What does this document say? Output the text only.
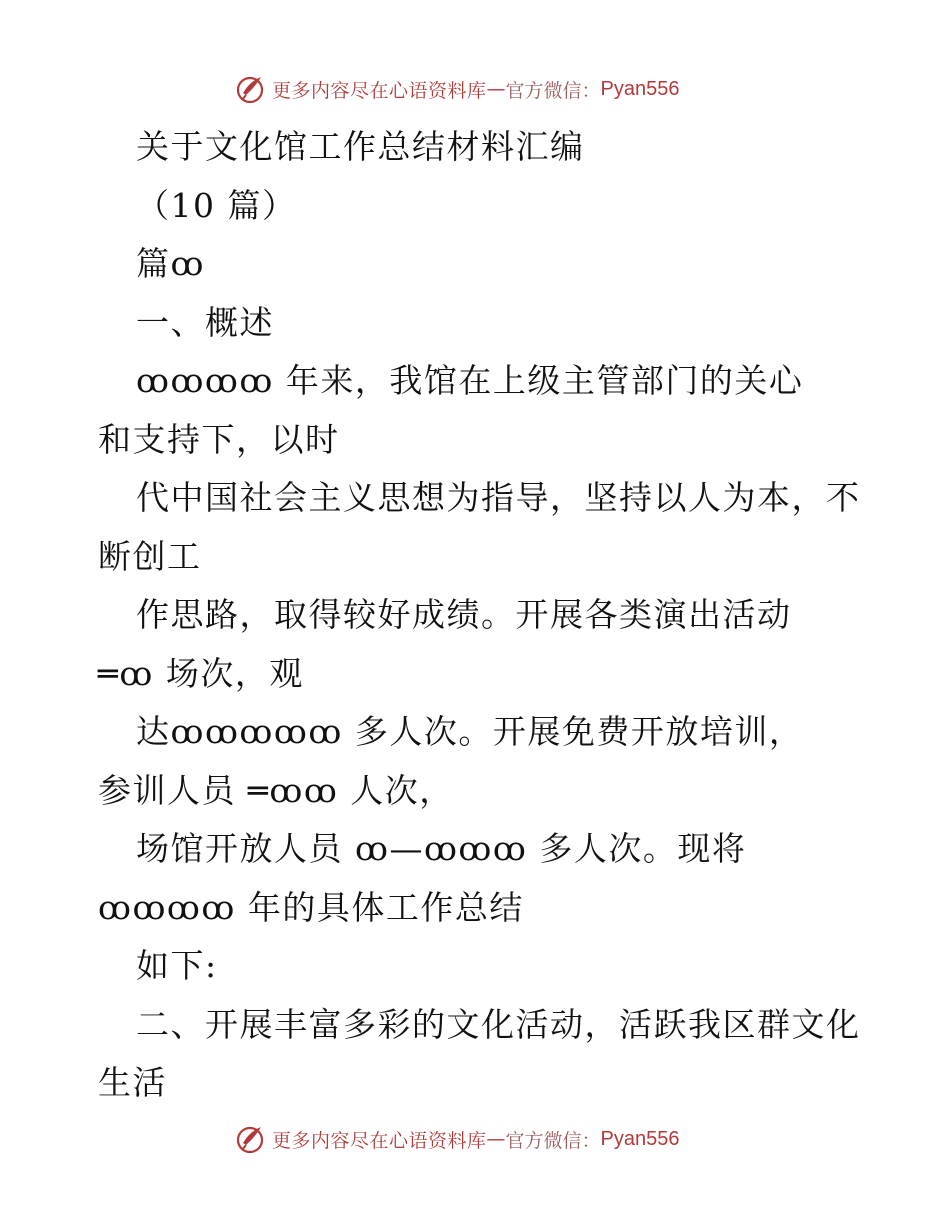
更多内容尽在心语资料库 — 官方微信： Pyan556
关于文化馆工作总结材料汇编
（10 篇）
篇ꝏ
一、概述
ꝏꝏꝏꝏ 年来，我馆在上级主管部门的关心
和支持下，以时
代中国社会主义思想为指导，坚持以人为本，不
断创工
作思路，取得较好成绩。开展各类演出活动
═ꝏ 场次，观
达ꝏꝏꝏꝏꝏ 多人次。开展免费开放培训，
参训人员 ═ꝏꝏ 人次，
场馆开放人员 ꝏ—ꝏꝏꝏ 多人次。现将
ꝏꝏꝏꝏ 年的具体工作总结
如下:
二、开展丰富多彩的文化活动，活跃我区群文化
生活
更多内容尽在心语资料库 — 官方微信： Pyan556
